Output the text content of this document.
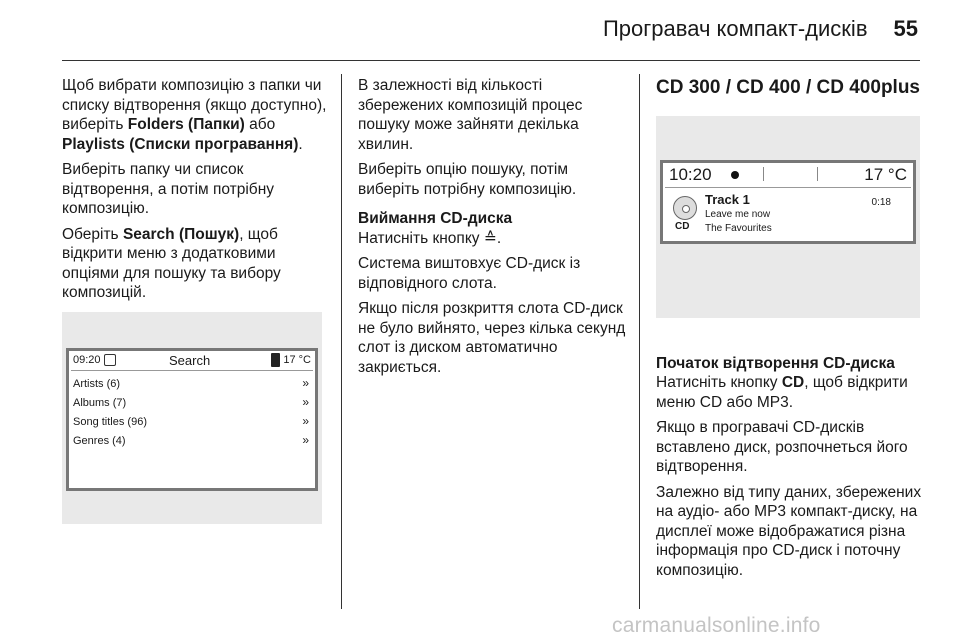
Програвач компакт-дисків 55

Щоб вибрати композицію з папки чи списку відтворення (якщо доступно), виберіть Folders (Папки) або Playlists (Списки програвання).

Виберіть папку чи список відтворення, а потім потрібну композицію.

Оберіть Search (Пошук), щоб відкрити меню з додатковими опціями для пошуку та вибору композицій.

09:20	Search	17 °C
Artists (6)	»
Albums (7)	»
Song titles (96)	»
Genres (4)	»

В залежності від кількості збережених композицій процес пошуку може зайняти декілька хвилин.

Виберіть опцію пошуку, потім виберіть потрібну композицію.

Виймання CD-диска

Натисніть кнопку ≙.

Система виштовхує CD-диск із відповідного слота.

Якщо після розкриття слота CD-диск не було вийнято, через кілька секунд слот із диском автоматично закриється.

CD 300 / CD 400 / CD 400plus
Початок відтворення CD-диска

Натисніть кнопку CD, щоб відкрити меню CD або MP3.

Якщо в програвачі CD-дисків вставлено диск, розпочнеться його відтворення.

Залежно від типу даних, збережених на аудіо- або MP3 компакт-диску, на дисплеї може відображатися різна інформація про CD-диск і поточну композицію.

10:20	17 °C
CD
Track 1
Leave me now
The Favourites
0:18
carmanualsonline.info
